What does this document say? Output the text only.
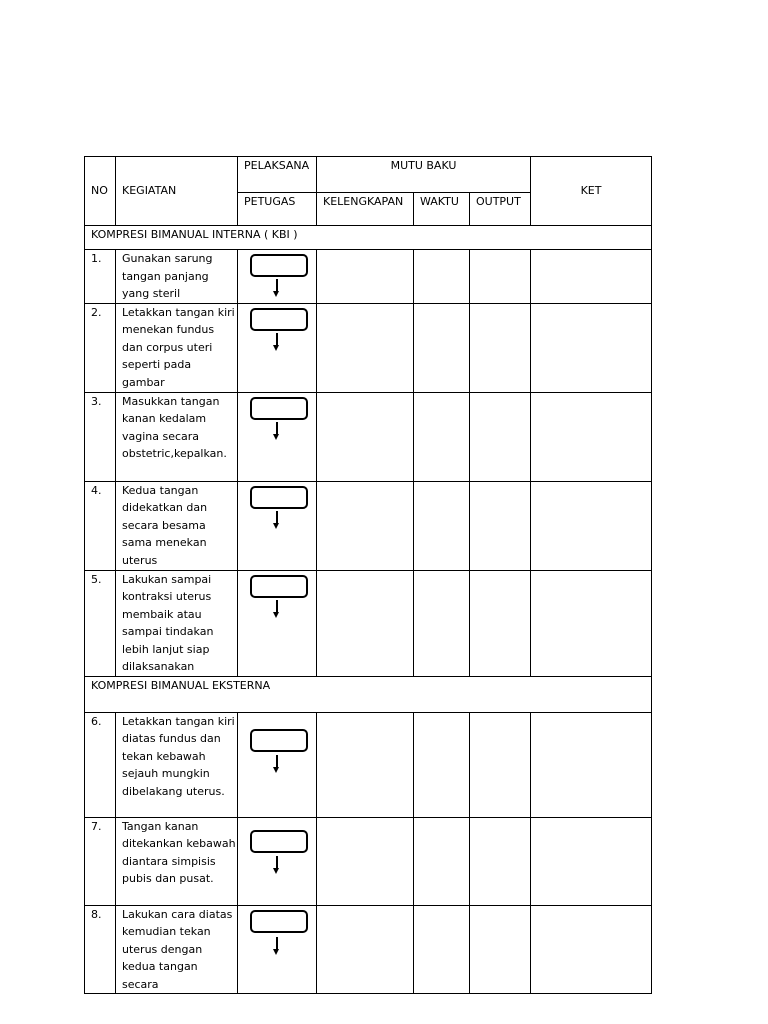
NO	KEGIATAN	PELAKSANA	MUTU BAKU			KET
		PETUGAS	KELENGKAPAN	WAKTU	OUTPUT	
KOMPRESI BIMANUAL INTERNA ( KBI )						
1.	Gunakan sarung tangan panjang yang steril	

2.	Letakkan tangan kiri menekan fundus dan corpus uteri seperti pada gambar	

3.	Masukkan tangan kanan kedalam vagina secara obstetric,kepalkan.	

4.	Kedua tangan didekatkan dan secara besama sama menekan uterus	

5.	Lakukan sampai kontraksi uterus membaik atau sampai tindakan lebih lanjut siap dilaksanakan	

KOMPRESI BIMANUAL EKSTERNA						
6.	Letakkan tangan kiri diatas fundus dan tekan kebawah sejauh mungkin dibelakang uterus.	

7.	Tangan kanan ditekankan kebawah diantara simpisis pubis dan pusat.	

8.	Lakukan cara diatas kemudian tekan uterus dengan kedua tangan secara	
